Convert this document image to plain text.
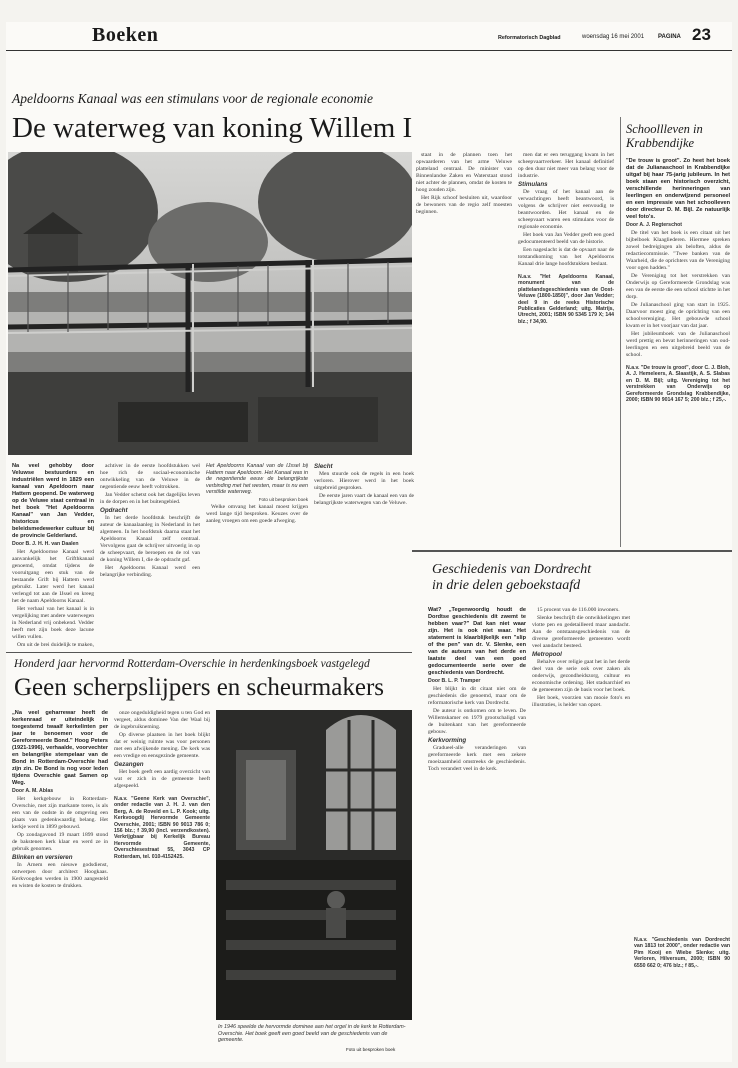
Boeken	Reformatorisch Dagblad	woensdag 16 mei 2001 PAGINA 23
Apeldoorns Kanaal was een stimulans voor de regionale economie
De waterweg van koning Willem I

Na veel gehobby door Veluwse bestuurders en industriëlen werd in 1829 een kanaal van Apeldoorn naar Hattem geopend. De waterweg op de Veluwe staat centraal in het boek "Het Apeldoorns Kanaal" van Jan Vedder, historicus en beleidsmedewerker cultuur bij de provincie Gelderland.

Door B. J. H. H. van Daalen

Het Apeldoornse Kanaal werd aanvankelijk het Grifthkanaal genoemd, omdat tijdens de vooruitgang een stuk van de bestaande Grift bij Hattem werd gebruikt. Later werd het kanaal verlengd tot aan de IJssel en kreeg het de naam Apeldoorns Kanaal.

Het verhaal van het kanaal is in vergelijking met andere waterwegen in Nederland vrij onbekend. Vedder heeft met zijn boek deze lacune willen vullen.

Om uit de brei duidelijk te maken,

achtiver in de eerste hoofdstukken wel hoe rich de sociaal-economische ontwikkeling van de Veluwe in de negentiende eeuw heeft voltrokken.

Jan Vedder schetst ook het dagelijks leven in de dorpen en in het buitengebied.

Opdracht

In het derde hoofdstuk beschrijft de auteur de kanaalaanleg in Nederland in het algemeen. In het hoofdstuk daarna staat het Apeldoorns Kanaal zelf centraal. Vervolgens gaat de schrijver uitvoerig in op de scheepvaart, de beroepen en de rol van de koning Willem I, die de opdracht gaf.

Het Apeldoorns Kanaal werd een belangrijke verbinding.

Het Apeldoorns Kanaal van de IJssel bij Hattem naar Apeldoorn. Het Kanaal was in de negentiende eeuw de belangrijkste verbinding met het westen, maar is nu een verstilde waterweg.

Foto uit besproken boek

Welke omvang het kanaal moest krijgen werd lange tijd besproken. Keuzes over de aanleg vroegen om een goede afweging.

staat in de plannen toen het opwaarderen van het arme Veluwe platteland centraal. De minister van Binnenlandse Zaken en Waterstaat stond niet achter de plannen, omdat de kosten te hoog zouden zijn.

Het Rijk schoof besluiten uit, waardoor de bewoners van de regio zelf moesten beginnen.

Slecht

Men stuurde ook de regels in een hoek verloren. Hierover werd in het boek uitgebreid gesproken.

De eerste jaren vaart de kanaal een van de belangrijkste waterwegen van de Veluwe.

men dat er een teruggang kwam in het scheepvaartverkeer. Het kanaal definitief op den duur niet meer van belang voor de industrie.

Stimulans

De vraag of het kanaal aan de verwachtingen heeft beantwoord, is volgens de schrijver niet eenvoudig te beantwoorden. Het kanaal en de scheepvaart waren een stimulans voor de regionale economie.

Het boek van Jan Vedder geeft een goed gedocumenteerd beeld van de historie.

Een nageslacht is dat de opvaart naar de totstandkoming van het Apeldoorns Kanaal drie lange hoofdstukken beslaat.

N.a.v. "Het Apeldoorns Kanaal, monument van de plattelandsgeschiedenis van de Oost-Veluwe (1800-1850)", door Jan Vedder; deel 9 in de reeks Historische Publicaties Gelderland; uitg. Matrijs, Utrecht, 2001; ISBN 90 5345 179 X; 144 blz.; f 34,90.

Schoollleven in
Krabbendijke

"De trouw is groot". Zo heet het boek dat de Julianaschool in Krabbendijke uitgaf bij haar 75-jarig jubileum. In het boek staan een historisch overzicht, verschillende herinneringen van leerlingen en onderwijzend personeel en een impressie van het schoolleven door directeur D. M. Bijl. Ze natuurlijk veel foto's.

Door A. J. Regterschot

De titel van het boek is een citaat uit het bijbelboek Klaagliederen. Hiermee spreken zowel bedreigingen als beloften, aldus de redactiecommissie. "Twee banken van de Waarheid, die de oprichters van de Vereniging voor ogen hadden."

De Vereniging tot het verstrekken van Onderwijs op Gereformeerde Grondslag was een van de eerste die een school stichtte in het dorp.

De Julianaschool ging van start in 1925. Daarvoor moest ging de oprichting van een schoolvereniging. Het gebouwde school kwam er in het voorjaar van dat jaar.

Het jubileumboek van de Julianaschool werd prettig en bevat herinneringen van oud-leerlingen en een uitgebreid beeld van de school.

N.a.v. "De trouw is groot", door C. J. Bloh, A. J. Hemeleers, A. Slaastijk, A. S. Slabas en D. M. Bijl; uitg. Vereniging tot het verstrekken van Onderwijs op Gereformeerde Grondslag Krabbendijke, 2000; ISBN 90 9014 167 5; 200 blz.; f 25,-.

Geschiedenis van Dordrecht
in drie delen geboekstaafd

Wat? „Tegenwoordig houdt de Dordtse geschiedenis dit zwemt te hebben vaar?" Dat kan niet waar zijn. Het is ook niet waar. Het statement is klaarblijkelijk een "slip of the pen" van dr. V. Slenke, een van de auteurs van het derde en laatste deel van een goed gedocumenteerde serie over de geschiedenis van Dordrecht.

Door B. L. P. Tramper

Het blijkt in dit citaat niet om de geschiedenis die genoemd, maar om de reformatorische kerk van Dordrecht.

De auteur is ontkomen om te leven. De Willemskamer en 1979 grootschaligd van de buitenkant van het gereformeerde gebouw.

Kerkvorming

Gradueel-alle veranderingen van gereformeerde kerk met een zekere moeizaamheid omstreeks de geschiedenis. Toch verandert veel in de kerk.

15 procent van de 116.000 inwoners.

Slenke beschrijft die ontwikkelingen met vlotte pen en gedetailleerd maar aandacht. Aan de ontstaansgeschiedenis van de diverse gereformeerde gemeenten wordt veel aandacht besteed.

Metropool

Behalve over religie gaat het in het derde deel van de serie ook over zaken als onderwijs, gezondheidszorg, cultuur en economische ordening. Het stadsarchief en de gemeenten zijn de basis voor het boek.

Het boek, voorzien van mooie foto's en illustraties, is helder van opzet.

N.a.v. "Geschiedenis van Dordrecht van 1813 tot 2000", onder redactie van Pim Kooij en Wiebe Slenke; uitg. Verloren, Hilversum, 2000; ISBN 90 6550 662 0; 476 blz.; f 85,-.

Honderd jaar hervormd Rotterdam-Overschie in herdenkingsboek vastgelegd
Geen scherpslijpers en scheurmakers

„Na veel geharrewar heeft de kerkenraad er uiteindelijk in toegestemd twaalf kerkelinten per jaar te benoemen voor de Gereformeerde Bond." Hoog Peters (1921-1996), verhaalde, voorvechter en belangrijke stempelaar van de Bond in Rotterdam-Overschie had zijn zin. De Bond is nog voor leden tijdens Overschie gaat Samen op Weg.

Door A. M. Ablas

Het kerkgebouw in Rotterdam-Overschie, met zijn markante toren, is als een van de oudste in de omgeving een plaats van gedenkwaardig belang. Het kerkje werd in 1899 gebouwd.

Op zondagavond 19 maart 1899 stond de bakstenen kerk klaar en werd ze in gebruik genomen.

Blinken en versieren

In Arnem een nieuwe godsdienst, ontwerpen door architect Hoogkaas. Kerkvoogden werden in 1900 aangesteld en wisten de kosten te drukken.

onze ongeduldigheid tegen u ten God en vergeet, aldus dominee Van der Waal bij de ingebruikneming.

Op diverse plaatsen in het boek blijkt dat er weinig ruimte was voor personen met een afwijkende mening. De kerk was een vredige en eensgezinde gemeente.

Gezangen

Het boek geeft een aardig overzicht van wat er zich in de gemeente heeft afgespeeld.

N.a.v. "Geene Kerk van Overschie", onder redactie van J. H. J. van den Berg, A. de Roveld en L. P. Kook; uitg. Kerkvoogdij Hervormde Gemeente Overschie, 2001; ISBN 90 9013 786 0; 156 blz.; f 39,90 (incl. verzendkosten). Verkrijgbaar bij Kerkelijk Bureau Hervormde Gemeente, Overschiesestraat 55, 3043 CP Rotterdam, tel. 010-4152425.

In 1946 speelde de hervormde dominee aan het orgel in de kerk te Rotterdam-Overschie. Het boek geeft een goed beeld van de geschiedenis van de gemeente.
Foto uit besproken boek
